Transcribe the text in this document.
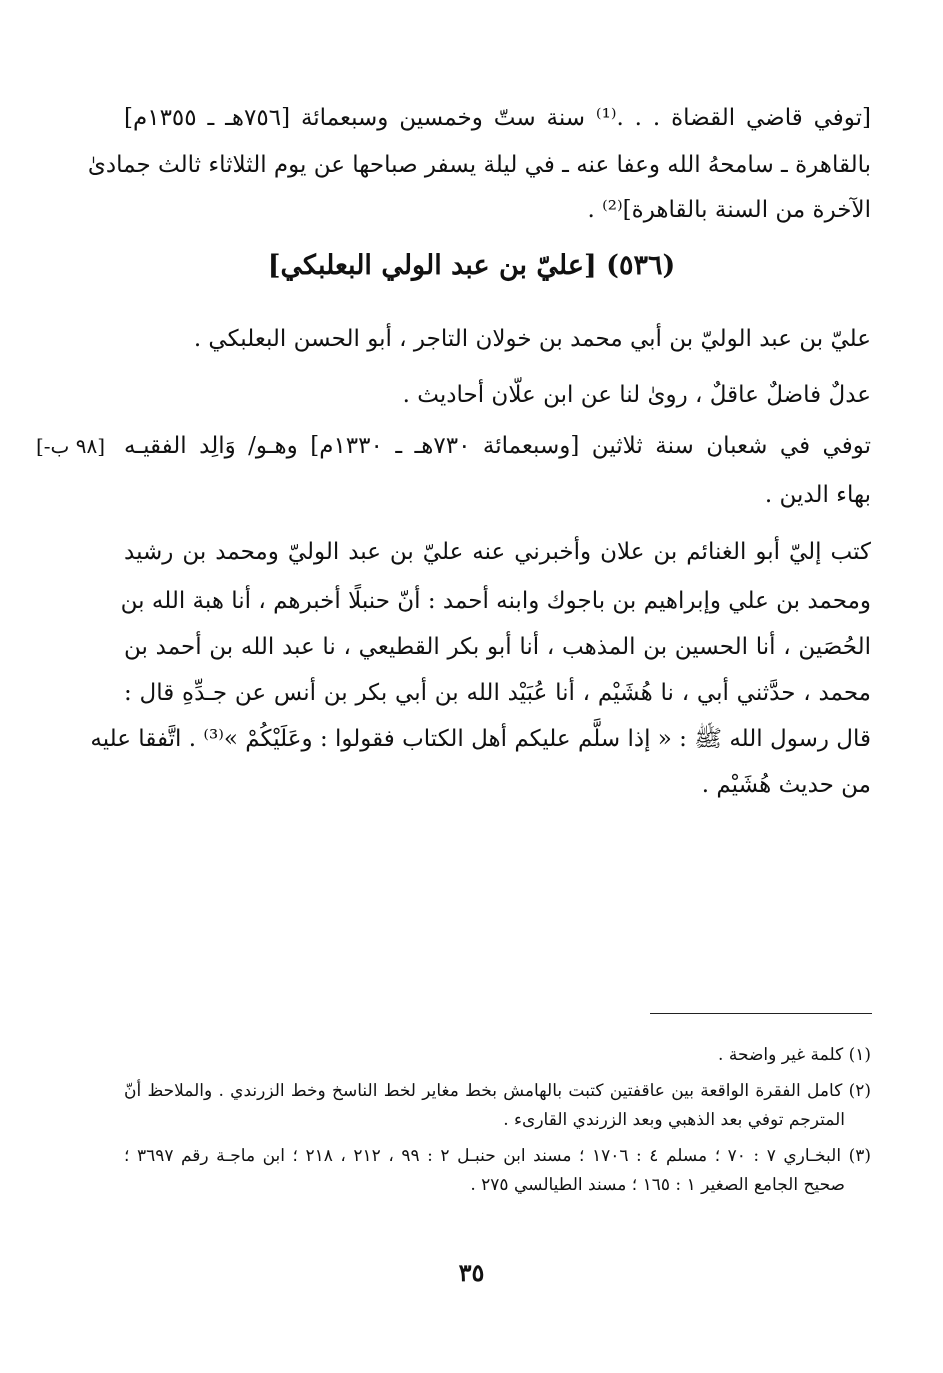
[توفي قاضي القضاة . . .⁽¹⁾ سنة ستّ وخمسين وسبعمائة [٧٥٦هـ ـ ١٣٥٥م]
بالقاهرة ـ سامحهُ الله وعفا عنه ـ في ليلة يسفر صباحها عن يوم الثلاثاء ثالث جمادىٰ
الآخرة من السنة بالقاهرة]⁽²⁾ .
(٥٣٦) [عليّ بن عبد الولي البعلبكي]
عليّ بن عبد الوليّ بن أبي محمد بن خولان التاجر ، أبو الحسن البعلبكي .
عدلٌ فاضلٌ عاقلٌ ، روىٰ لنا عن ابن علّان أحاديث .
توفي في شعبان سنة ثلاثين [وسبعمائة ٧٣٠هـ ـ ١٣٣٠م] وهـو/ وَالِد الفقيـه
بهاء الدين .
[٩٨ ب-]
كتب إليّ أبو الغنائم بن علان وأخبرني عنه عليّ بن عبد الوليّ ومحمد بن رشيد
ومحمد بن علي وإبراهيم بن باجوك وابنه أحمد : أنّ حنبلًا أخبرهم ، أنا هبة الله بن
الحُصَين ، أنا الحسين بن المذهب ، أنا أبو بكر القطيعي ، نا عبد الله بن أحمد بن
محمد ، حدَّثني أبي ، نا هُشَيْم ، أنا عُبَيْد الله بن أبي بكر بن أنس عن جـدِّهِ قال :
قال رسول الله ﷺ : « إذا سلَّم عليكم أهل الكتاب فقولوا : وعَلَيْكُمْ »⁽³⁾ . اتَّفقا عليه
من حديث هُشَيْم .
(١) كلمة غير واضحة .
(٢) كامل الفقرة الواقعة بين عاقفتين كتبت بالهامش بخط مغاير لخط الناسخ وخط الزرندي . والملاحظ أنّ
المترجم توفي بعد الذهبي وبعد الزرندي القارىء .
(٣) البخـاري ٧ : ٧٠ ؛ مسلم ٤ : ١٧٠٦ ؛ مسند ابن حنبـل ٢ : ٩٩ ، ٢١٢ ، ٢١٨ ؛ ابن ماجـة رقم ٣٦٩٧ ؛
صحيح الجامع الصغير ١ : ١٦٥ ؛ مسند الطيالسي ٢٧٥ .
٣٥
